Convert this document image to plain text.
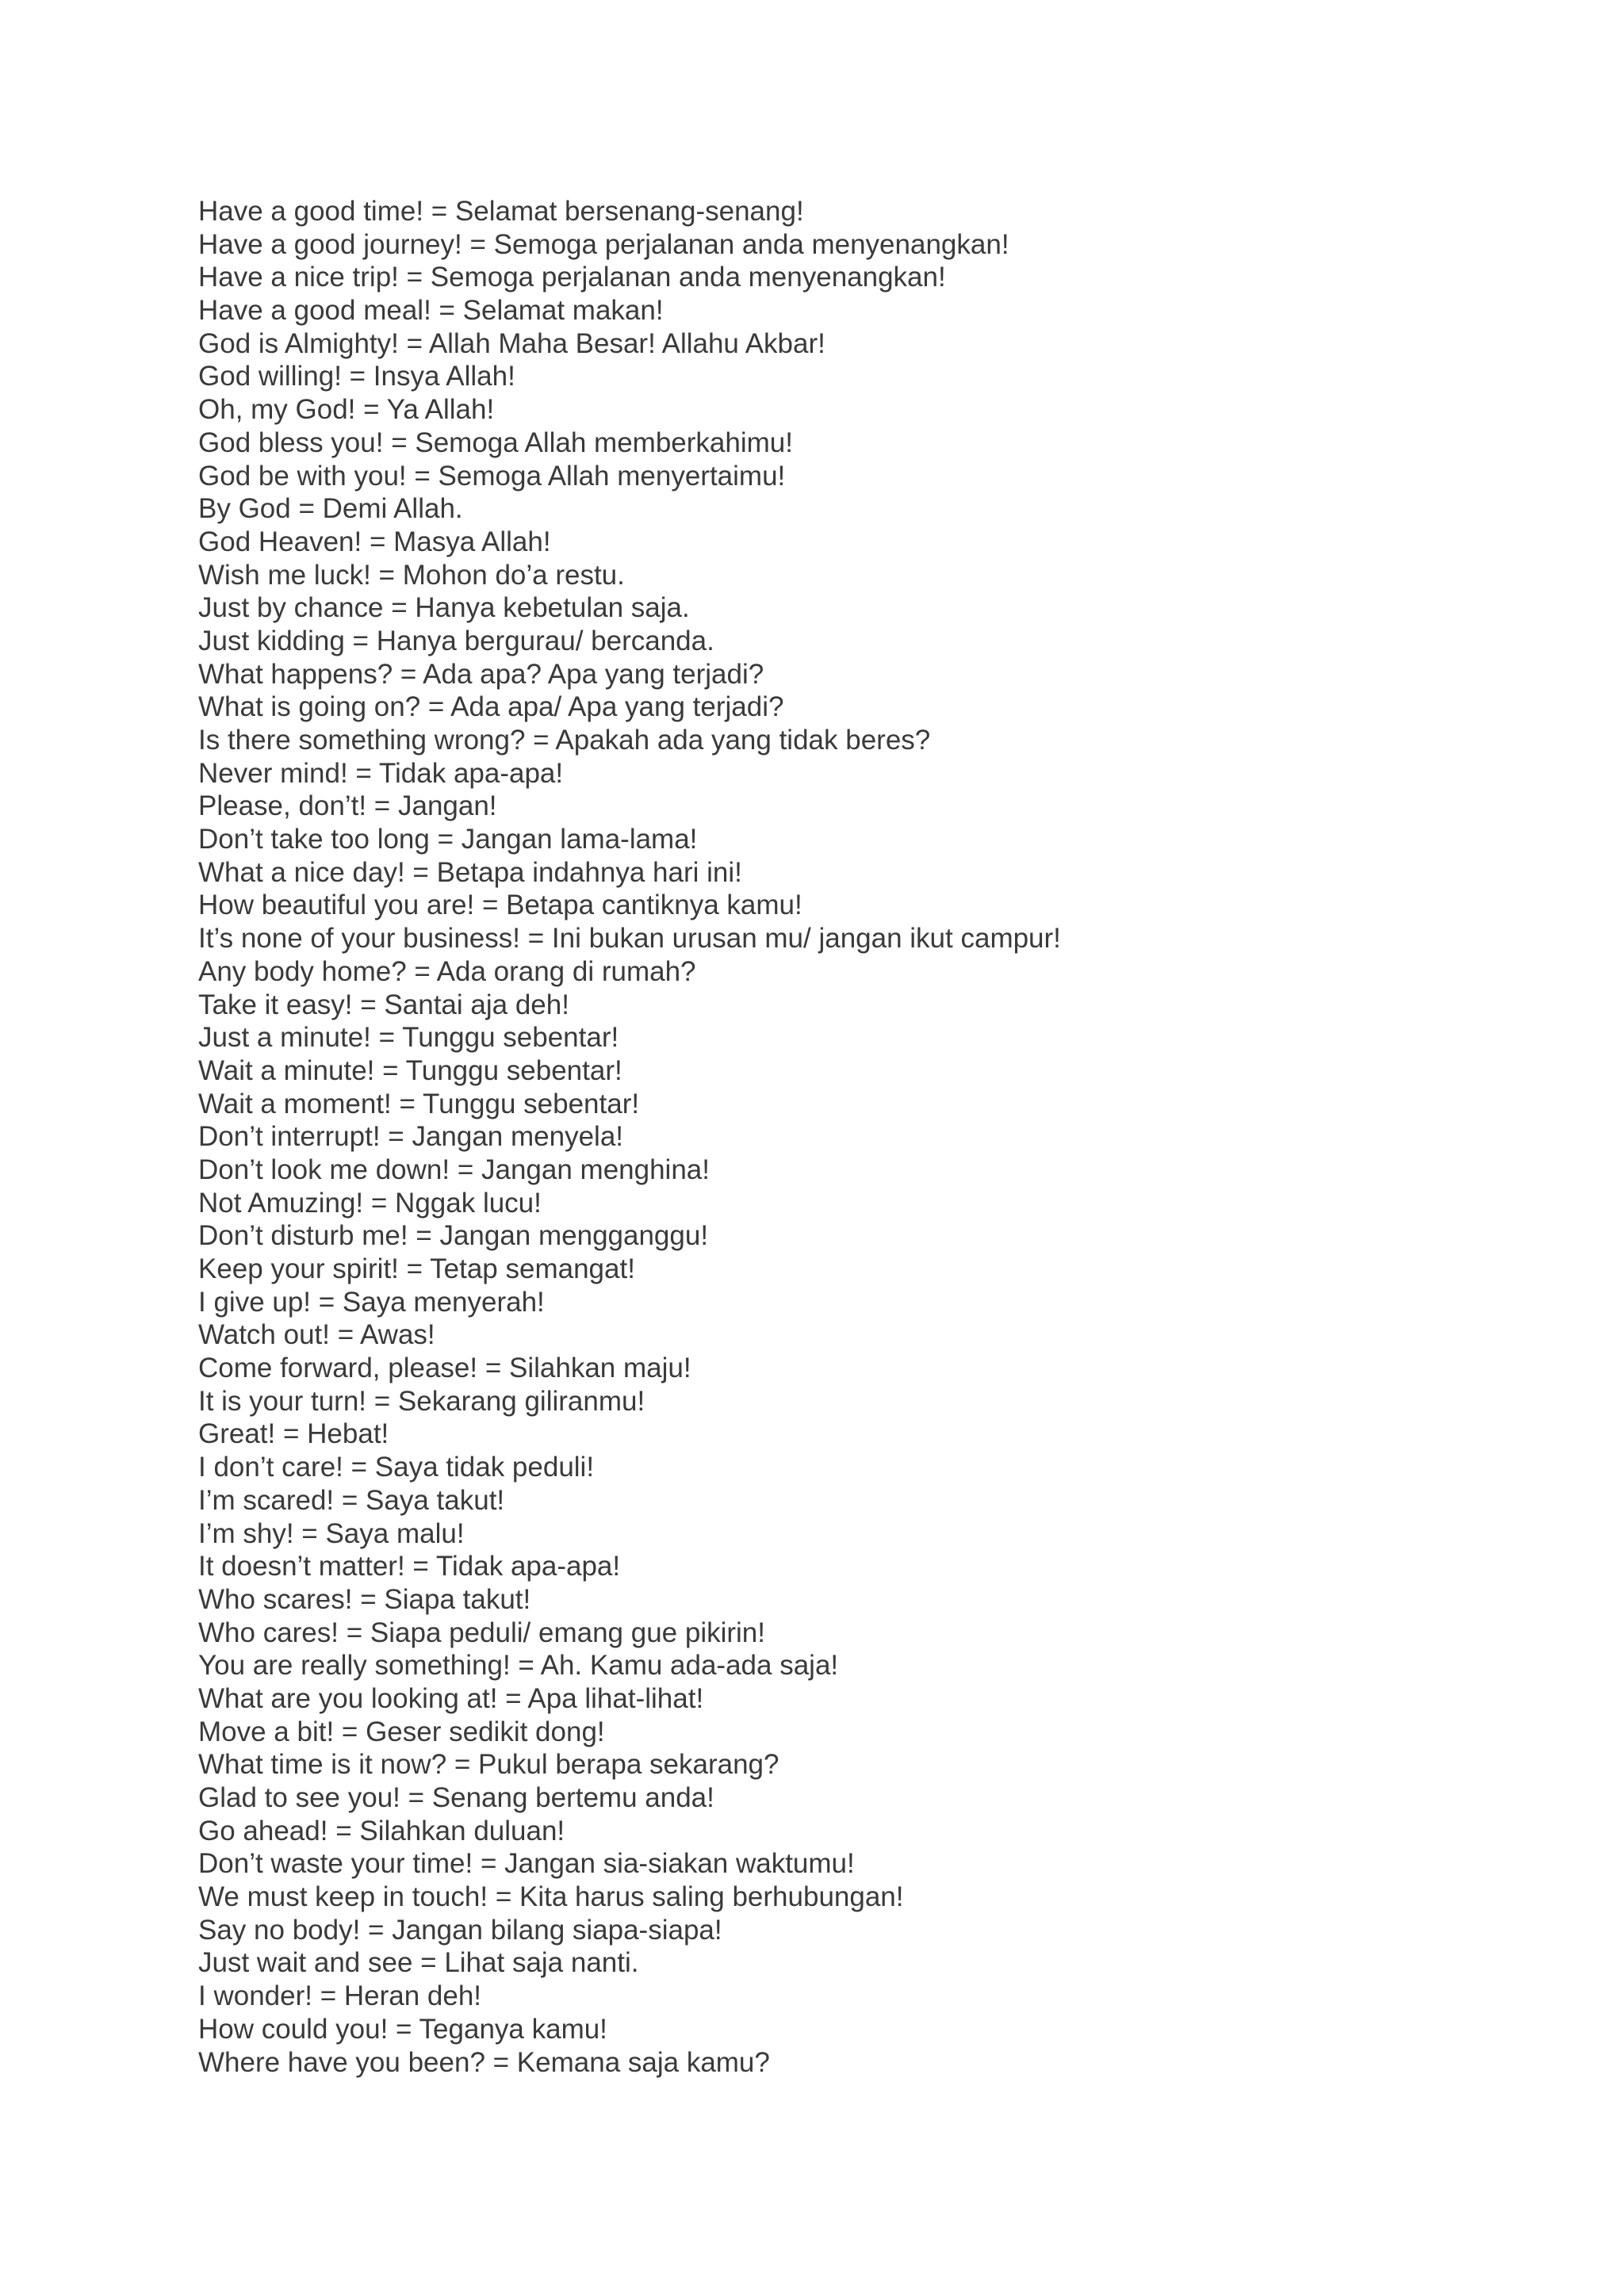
Have a good time! = Selamat bersenang-senang!
Have a good journey! = Semoga perjalanan anda menyenangkan!
Have a nice trip! = Semoga perjalanan anda menyenangkan!
Have a good meal! = Selamat makan!
God is Almighty! = Allah Maha Besar! Allahu Akbar!
God willing! = Insya Allah!
Oh, my God! = Ya Allah!
God bless you! = Semoga Allah memberkahimu!
God be with you! = Semoga Allah menyertaimu!
By God = Demi Allah.
God Heaven! = Masya Allah!
Wish me luck! = Mohon do’a restu.
Just by chance = Hanya kebetulan saja.
Just kidding = Hanya bergurau/ bercanda.
What happens? = Ada apa? Apa yang terjadi?
What is going on? = Ada apa/ Apa yang terjadi?
Is there something wrong? = Apakah ada yang tidak beres?
Never mind! = Tidak apa-apa!
Please, don’t! = Jangan!
Don’t take too long = Jangan lama-lama!
What a nice day! = Betapa indahnya hari ini!
How beautiful you are! = Betapa cantiknya kamu!
It’s none of your business! = Ini bukan urusan mu/ jangan ikut campur!
Any body home? = Ada orang di rumah?
Take it easy! = Santai aja deh!
Just a minute! = Tunggu sebentar!
Wait a minute! = Tunggu sebentar!
Wait a moment! = Tunggu sebentar!
Don’t interrupt! = Jangan menyela!
Don’t look me down! = Jangan menghina!
Not Amuzing! = Nggak lucu!
Don’t disturb me! = Jangan mengganggu!
Keep your spirit! = Tetap semangat!
I give up! = Saya menyerah!
Watch out! = Awas!
Come forward, please! = Silahkan maju!
It is your turn! = Sekarang giliranmu!
Great! = Hebat!
I don’t care! = Saya tidak peduli!
I’m scared! = Saya takut!
I’m shy! = Saya malu!
It doesn’t matter! = Tidak apa-apa!
Who scares! = Siapa takut!
Who cares! = Siapa peduli/ emang gue pikirin!
You are really something! = Ah. Kamu ada-ada saja!
What are you looking at! = Apa lihat-lihat!
Move a bit! = Geser sedikit dong!
What time is it now? = Pukul berapa sekarang?
Glad to see you! = Senang bertemu anda!
Go ahead! = Silahkan duluan!
Don’t waste your time! = Jangan sia-siakan waktumu!
We must keep in touch! = Kita harus saling berhubungan!
Say no body! = Jangan bilang siapa-siapa!
Just wait and see = Lihat saja nanti.
I wonder! = Heran deh!
How could you! = Teganya kamu!
Where have you been? = Kemana saja kamu?
